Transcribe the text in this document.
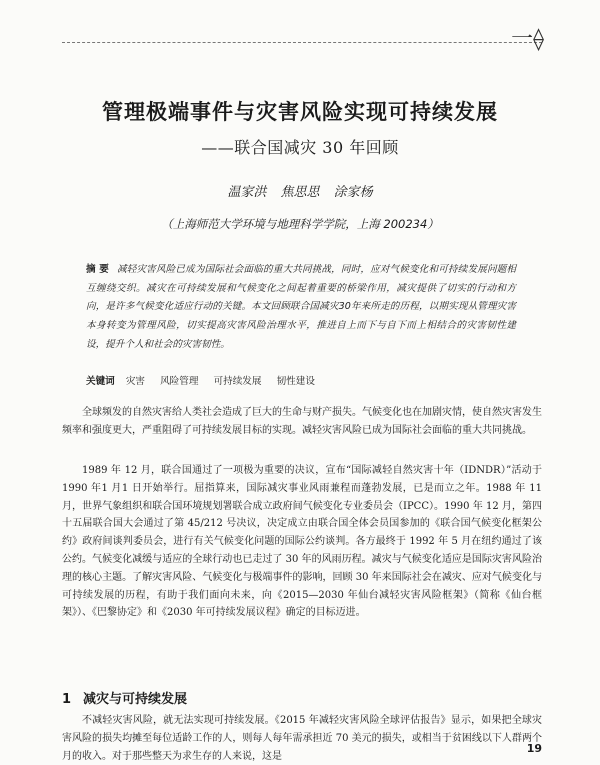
一⟠
管理极端事件与灾害风险实现可持续发展
——联合国减灾 30 年回顾
温家洪 焦思思 涂家杨
（上海师范大学环境与地理科学学院，上海 200234）
摘 要 减轻灾害风险已成为国际社会面临的重大共同挑战，同时，应对气候变化和可持续发展问题相互缠绕交织。减灾在可持续发展和气候变化之间起着重要的桥梁作用，减灾提供了切实的行动和方向，是许多气候变化适应行动的关键。本文回顾联合国减灾30年来所走的历程，以期实现从管理灾害本身转变为管理风险，切实提高灾害风险治理水平，推进自上而下与自下而上相结合的灾害韧性建设，提升个人和社会的灾害韧性。
关键词 灾害 风险管理 可持续发展 韧性建设
全球频发的自然灾害给人类社会造成了巨大的生命与财产损失。气候变化也在加剧灾情，使自然灾害发生频率和强度更大，严重阻碍了可持续发展目标的实现。减轻灾害风险已成为国际社会面临的重大共同挑战。
1989 年 12 月，联合国通过了一项极为重要的决议，宣布“国际减轻自然灾害十年（IDNDR）”活动于1990 年1 月1 日开始举行。屈指算来，国际减灾事业风雨兼程而蓬勃发展，已是而立之年。1988 年 11 月，世界气象组织和联合国环境规划署联合成立政府间气候变化专业委员会（IPCC）。1990 年 12 月，第四十五届联合国大会通过了第 45/212 号决议，决定成立由联合国全体会员国参加的《联合国气候变化框架公约》政府间谈判委员会，进行有关气候变化问题的国际公约谈判。各方最终于 1992 年 5 月在纽约通过了该公约。气候变化减缓与适应的全球行动也已走过了 30 年的风雨历程。减灾与气候变化适应是国际灾害风险治理的核心主题。了解灾害风险、气候变化与极端事件的影响，回顾 30 年来国际社会在减灾、应对气候变化与可持续发展的历程，有助于我们面向未来，向《2015—2030 年仙台减轻灾害风险框架》（简称《仙台框架》）、《巴黎协定》和《2030 年可持续发展议程》确定的目标迈进。
1 减灾与可持续发展
不减轻灾害风险，就无法实现可持续发展。《2015 年减轻灾害风险全球评估报告》显示，如果把全球灾害风险的损失均摊至每位适龄工作的人，则每人每年需承担近 70 美元的损失，或相当于贫困线以下人群两个月的收入。对于那些整天为求生存的人来说，这是
19
